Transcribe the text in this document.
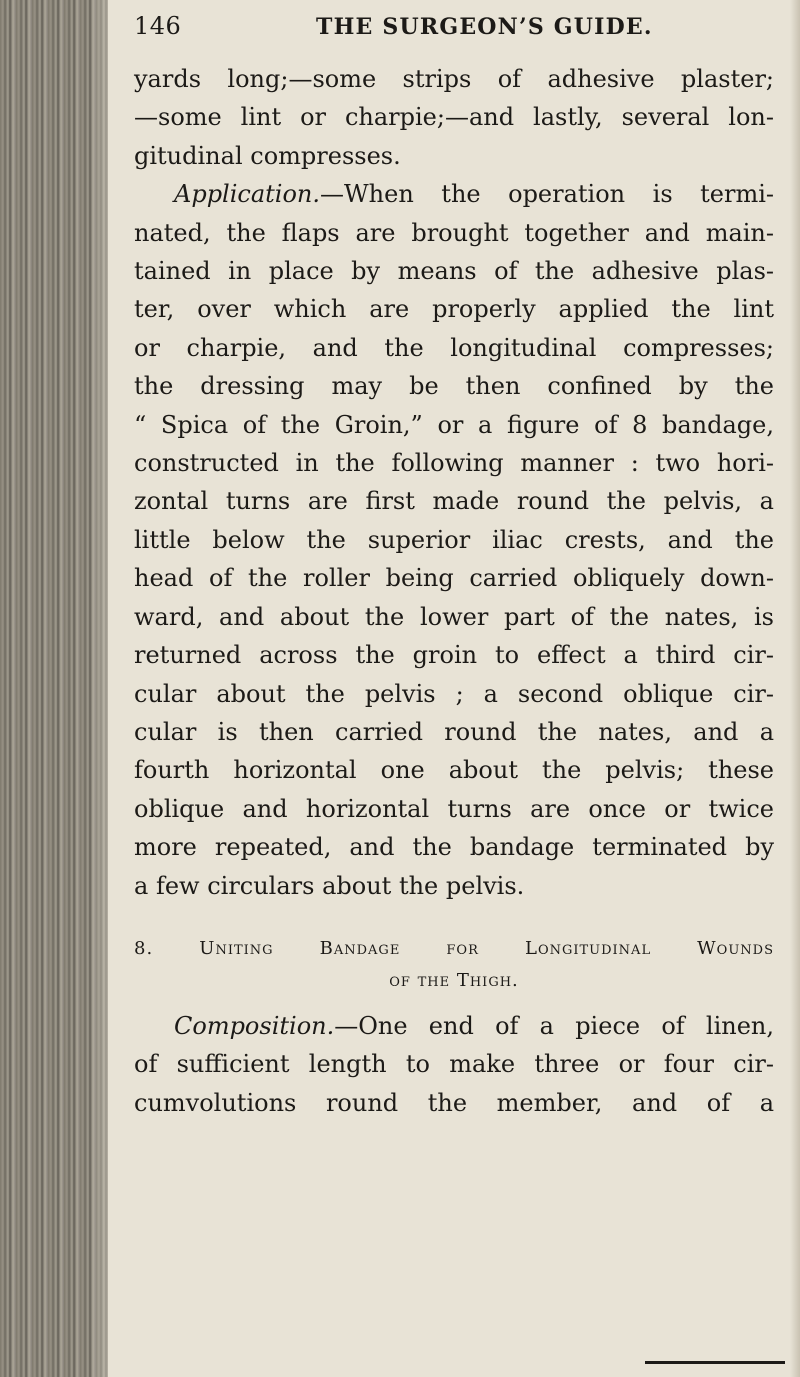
146	THE SURGEON’S GUIDE.
yards long;—some strips of adhesive plaster;
—some lint or charpie;—and lastly, several lon-
gitudinal compresses.
Application.—When the operation is termi-
nated, the flaps are brought together and main-
tained in place by means of the adhesive plas-
ter, over which are properly applied the lint
or charpie, and the longitudinal compresses;
the dressing may be then confined by the
“ Spica of the Groin,” or a figure of 8 bandage,
constructed in the following manner : two hori-
zontal turns are first made round the pelvis, a
little below the superior iliac crests, and the
head of the roller being carried obliquely down-
ward, and about the lower part of the nates, is
returned across the groin to effect a third cir-
cular about the pelvis ; a second oblique cir-
cular is then carried round the nates, and a
fourth horizontal one about the pelvis; these
oblique and horizontal turns are once or twice
more repeated, and the bandage terminated by
a few circulars about the pelvis.
8. Uniting Bandage for Longitudinal Wounds
of the Thigh.
Composition.—One end of a piece of linen,
of sufficient length to make three or four cir-
cumvolutions round the member, and of a
